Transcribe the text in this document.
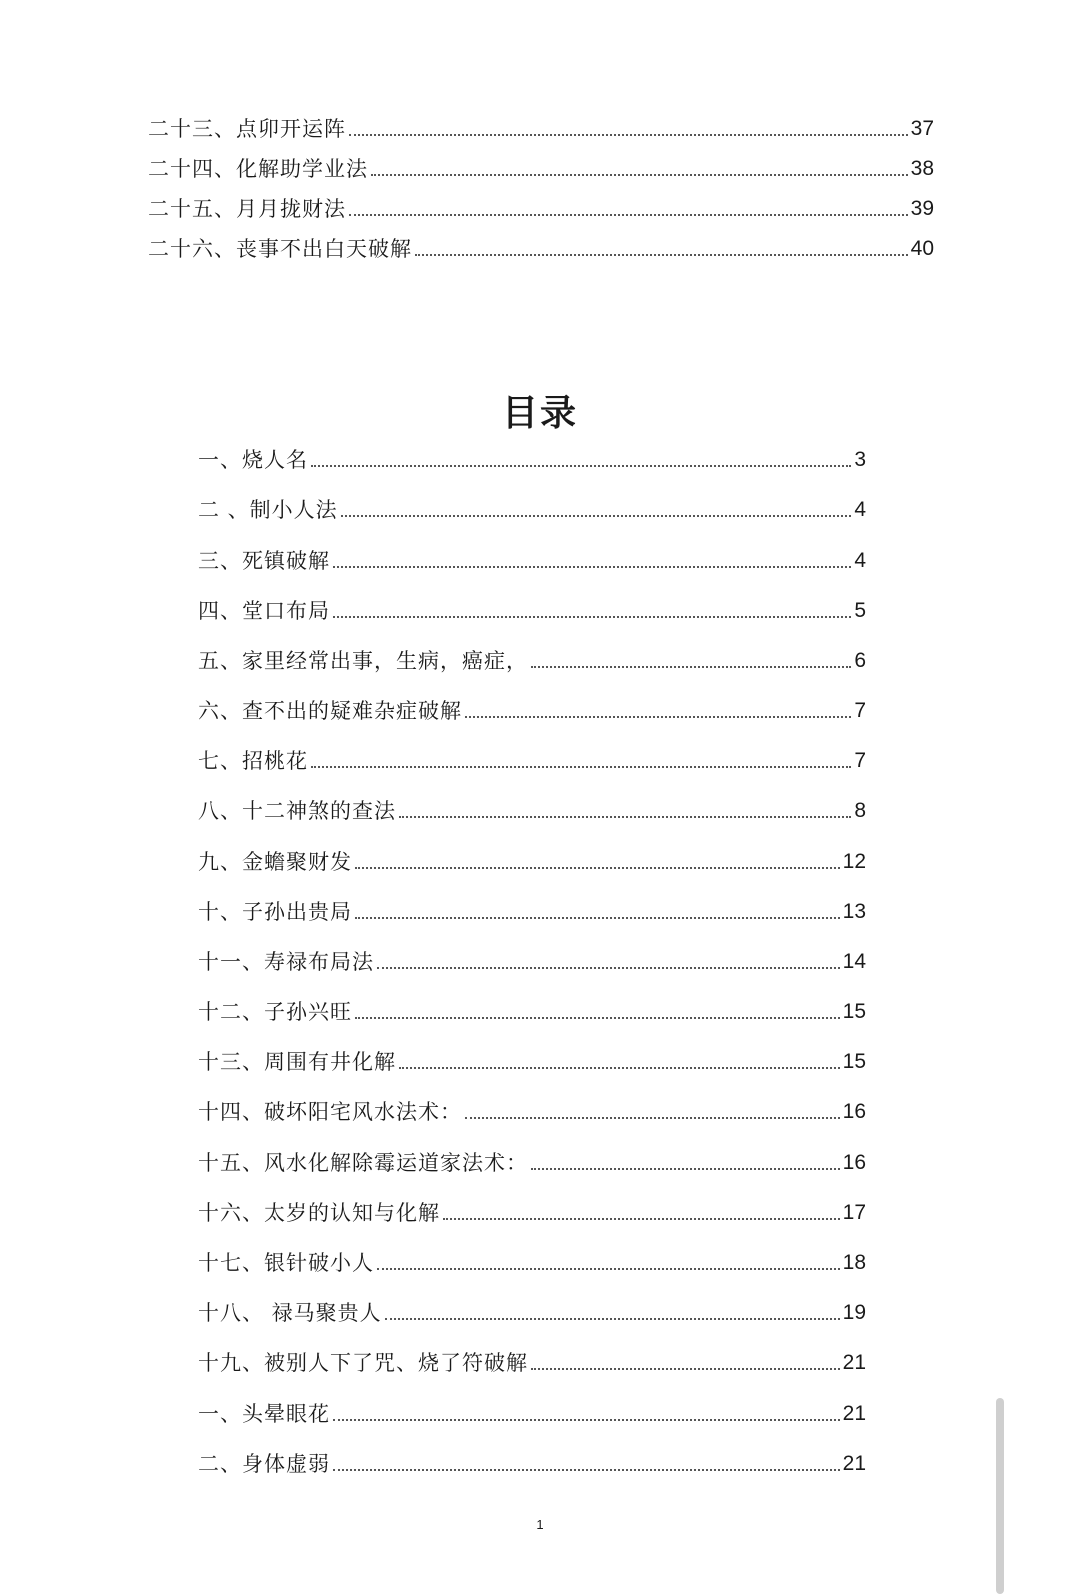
二十三、点卯开运阵	37
二十四、化解助学业法	38
二十五、月月拢财法	39
二十六、丧事不出白天破解	40
目录
一、烧人名	3
二 、制小人法	4
三、死镇破解	4
四、堂口布局	5
五、家里经常出事，生病，癌症，	6
六、查不出的疑难杂症破解	7
七、招桃花	7
八、十二神煞的查法	8
九、金蟾聚财发	12
十、子孙出贵局	13
十一、寿禄布局法	14
十二、子孙兴旺	15
十三、周围有井化解	15
十四、破坏阳宅风水法术：	16
十五、风水化解除霉运道家法术：	16
十六、太岁的认知与化解	17
十七、银针破小人	18
十八、 禄马聚贵人	19
十九、被别人下了咒、烧了符破解	21
一、头晕眼花	21
二、身体虚弱	21
1
